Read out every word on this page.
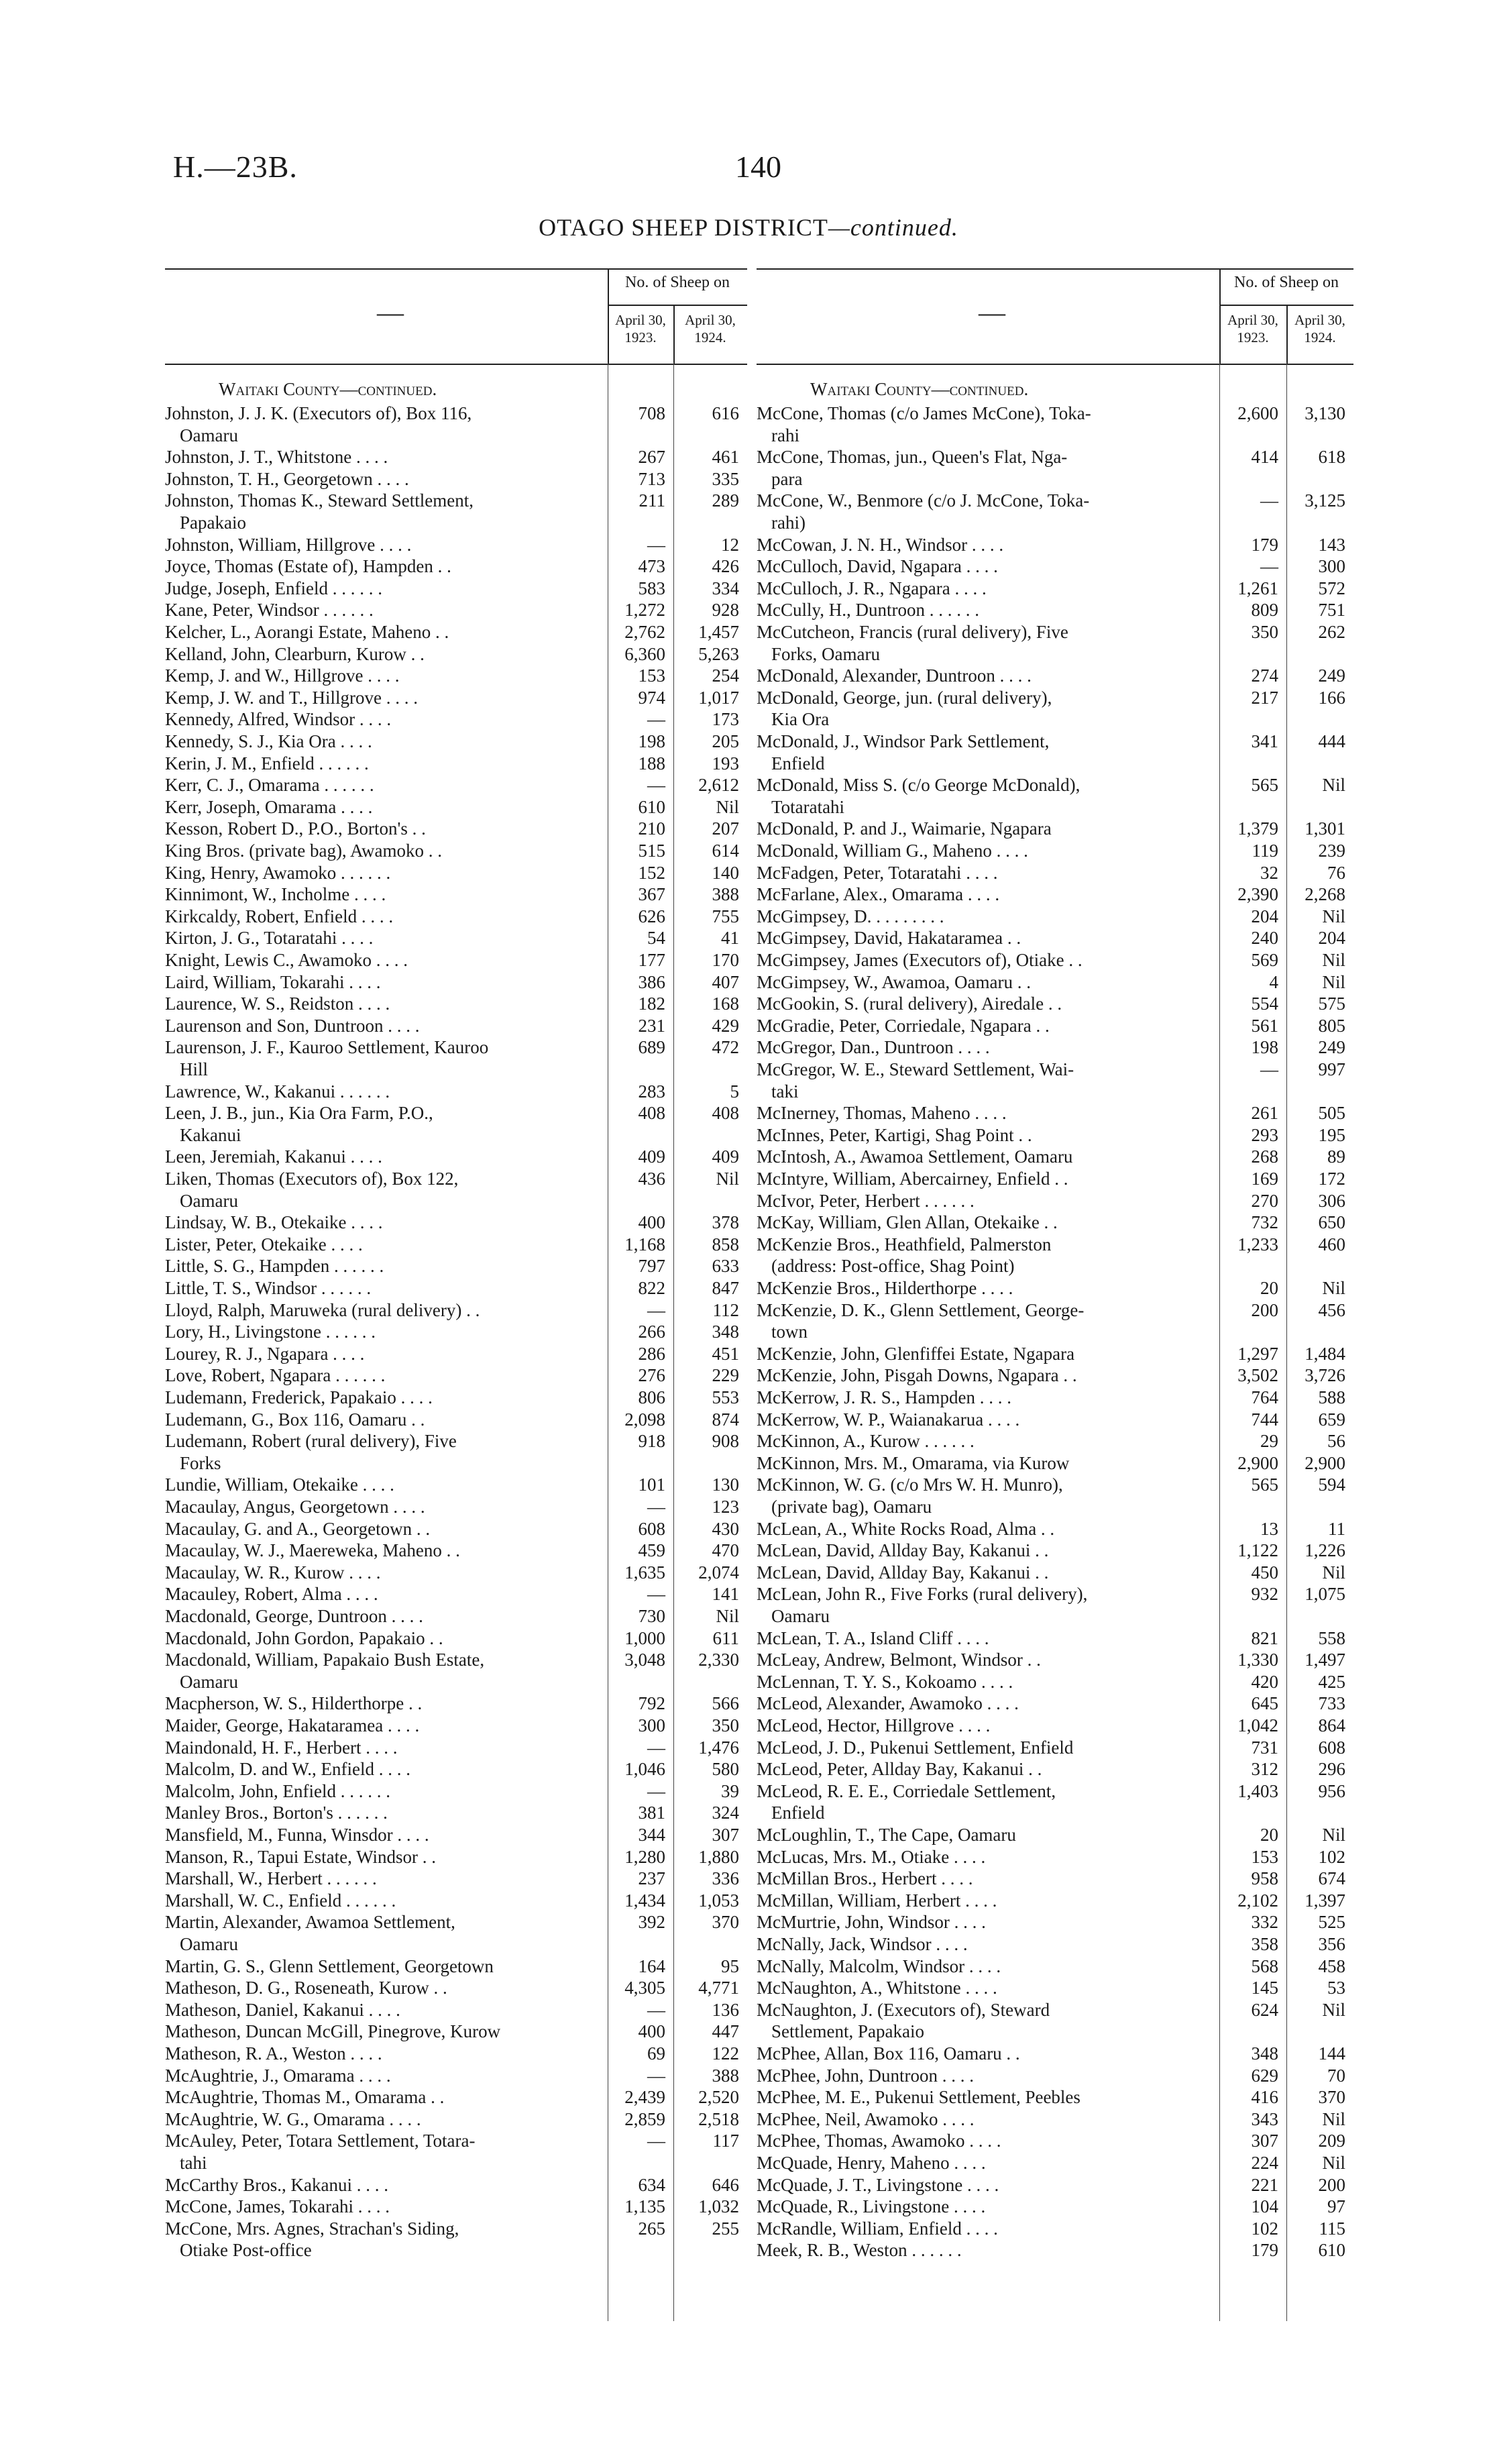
H.—23B.	140
OTAGO SHEEP DISTRICT—continued.
—
No. of Sheep on
April 30,
1923.
April 30,
1924.
Waitaki County—continued.
Johnston, J. J. K. (Executors of), Box 116,
Oamaru
708	616
Johnston, J. T., Whitstone . . . .	267	461
Johnston, T. H., Georgetown . . . .	713	335
Johnston, Thomas K., Steward Settlement,
Papakaio
211	289
Johnston, William, Hillgrove . . . .	—	12
Joyce, Thomas (Estate of), Hampden . .	473	426
Judge, Joseph, Enfield . . . . . .	583	334
Kane, Peter, Windsor . . . . . .	1,272	928
Kelcher, L., Aorangi Estate, Maheno . .	2,762	1,457
Kelland, John, Clearburn, Kurow . .	6,360	5,263
Kemp, J. and W., Hillgrove . . . .	153	254
Kemp, J. W. and T., Hillgrove . . . .	974	1,017
Kennedy, Alfred, Windsor . . . .	—	173
Kennedy, S. J., Kia Ora . . . .	198	205
Kerin, J. M., Enfield . . . . . .	188	193
Kerr, C. J., Omarama . . . . . .	—	2,612
Kerr, Joseph, Omarama . . . .	610	Nil
Kesson, Robert D., P.O., Borton's . .	210	207
King Bros. (private bag), Awamoko . .	515	614
King, Henry, Awamoko . . . . . .	152	140
Kinnimont, W., Incholme . . . .	367	388
Kirkcaldy, Robert, Enfield . . . .	626	755
Kirton, J. G., Totaratahi . . . .	54	41
Knight, Lewis C., Awamoko . . . .	177	170
Laird, William, Tokarahi . . . .	386	407
Laurence, W. S., Reidston . . . .	182	168
Laurenson and Son, Duntroon . . . .	231	429
Laurenson, J. F., Kauroo Settlement, Kauroo
Hill
689	472
Lawrence, W., Kakanui . . . . . .	283	5
Leen, J. B., jun., Kia Ora Farm, P.O.,
Kakanui
408	408
Leen, Jeremiah, Kakanui . . . .	409	409
Liken, Thomas (Executors of), Box 122,
Oamaru
436	Nil
Lindsay, W. B., Otekaike . . . .	400	378
Lister, Peter, Otekaike . . . .	1,168	858
Little, S. G., Hampden . . . . . .	797	633
Little, T. S., Windsor . . . . . .	822	847
Lloyd, Ralph, Maruweka (rural delivery) . .	—	112
Lory, H., Livingstone . . . . . .	266	348
Lourey, R. J., Ngapara . . . .	286	451
Love, Robert, Ngapara . . . . . .	276	229
Ludemann, Frederick, Papakaio . . . .	806	553
Ludemann, G., Box 116, Oamaru . .	2,098	874
Ludemann, Robert (rural delivery), Five
Forks
918	908
Lundie, William, Otekaike . . . .	101	130
Macaulay, Angus, Georgetown . . . .	—	123
Macaulay, G. and A., Georgetown . .	608	430
Macaulay, W. J., Maereweka, Maheno . .	459	470
Macaulay, W. R., Kurow . . . .	1,635	2,074
Macauley, Robert, Alma . . . .	—	141
Macdonald, George, Duntroon . . . .	730	Nil
Macdonald, John Gordon, Papakaio . .	1,000	611
Macdonald, William, Papakaio Bush Estate,
Oamaru
3,048	2,330
Macpherson, W. S., Hilderthorpe . .	792	566
Maider, George, Hakataramea . . . .	300	350
Maindonald, H. F., Herbert . . . .	—	1,476
Malcolm, D. and W., Enfield . . . .	1,046	580
Malcolm, John, Enfield . . . . . .	—	39
Manley Bros., Borton's . . . . . .	381	324
Mansfield, M., Funna, Winsdor . . . .	344	307
Manson, R., Tapui Estate, Windsor . .	1,280	1,880
Marshall, W., Herbert . . . . . .	237	336
Marshall, W. C., Enfield . . . . . .	1,434	1,053
Martin, Alexander, Awamoa Settlement,
Oamaru
392	370
Martin, G. S., Glenn Settlement, Georgetown	164	95
Matheson, D. G., Roseneath, Kurow . .	4,305	4,771
Matheson, Daniel, Kakanui . . . .	—	136
Matheson, Duncan McGill, Pinegrove, Kurow	400	447
Matheson, R. A., Weston . . . .	69	122
McAughtrie, J., Omarama . . . .	—	388
McAughtrie, Thomas M., Omarama . .	2,439	2,520
McAughtrie, W. G., Omarama . . . .	2,859	2,518
McAuley, Peter, Totara Settlement, Totara-
tahi
—	117
McCarthy Bros., Kakanui . . . .	634	646
McCone, James, Tokarahi . . . .	1,135	1,032
McCone, Mrs. Agnes, Strachan's Siding,
Otiake Post-office
265	255
—
No. of Sheep on
April 30,
1923.
April 30,
1924.
Waitaki County—continued.
McCone, Thomas (c/o James McCone), Toka-
rahi
2,600	3,130
McCone, Thomas, jun., Queen's Flat, Nga-
para
414	618
McCone, W., Benmore (c/o J. McCone, Toka-
rahi)
—	3,125
McCowan, J. N. H., Windsor . . . .	179	143
McCulloch, David, Ngapara . . . .	—	300
McCulloch, J. R., Ngapara . . . .	1,261	572
McCully, H., Duntroon . . . . . .	809	751
McCutcheon, Francis (rural delivery), Five
Forks, Oamaru
350	262
McDonald, Alexander, Duntroon . . . .	274	249
McDonald, George, jun. (rural delivery),
Kia Ora
217	166
McDonald, J., Windsor Park Settlement,
Enfield
341	444
McDonald, Miss S. (c/o George McDonald),
Totaratahi
565	Nil
McDonald, P. and J., Waimarie, Ngapara	1,379	1,301
McDonald, William G., Maheno . . . .	119	239
McFadgen, Peter, Totaratahi . . . .	32	76
McFarlane, Alex., Omarama . . . .	2,390	2,268
McGimpsey, D. . . . . . . . .	204	Nil
McGimpsey, David, Hakataramea . .	240	204
McGimpsey, James (Executors of), Otiake . .	569	Nil
McGimpsey, W., Awamoa, Oamaru . .	4	Nil
McGookin, S. (rural delivery), Airedale . .	554	575
McGradie, Peter, Corriedale, Ngapara . .	561	805
McGregor, Dan., Duntroon . . . .	198	249
McGregor, W. E., Steward Settlement, Wai-
taki
—	997
McInerney, Thomas, Maheno . . . .	261	505
McInnes, Peter, Kartigi, Shag Point . .	293	195
McIntosh, A., Awamoa Settlement, Oamaru	268	89
McIntyre, William, Abercairney, Enfield . .	169	172
McIvor, Peter, Herbert . . . . . .	270	306
McKay, William, Glen Allan, Otekaike . .	732	650
McKenzie Bros., Heathfield, Palmerston
(address: Post-office, Shag Point)
1,233	460
McKenzie Bros., Hilderthorpe . . . .	20	Nil
McKenzie, D. K., Glenn Settlement, George-
town
200	456
McKenzie, John, Glenfiffei Estate, Ngapara	1,297	1,484
McKenzie, John, Pisgah Downs, Ngapara . .	3,502	3,726
McKerrow, J. R. S., Hampden . . . .	764	588
McKerrow, W. P., Waianakarua . . . .	744	659
McKinnon, A., Kurow . . . . . .	29	56
McKinnon, Mrs. M., Omarama, via Kurow	2,900	2,900
McKinnon, W. G. (c/o Mrs W. H. Munro),
(private bag), Oamaru
565	594
McLean, A., White Rocks Road, Alma . .	13	11
McLean, David, Allday Bay, Kakanui . .	1,122	1,226
McLean, David, Allday Bay, Kakanui . .	450	Nil
McLean, John R., Five Forks (rural delivery),
Oamaru
932	1,075
McLean, T. A., Island Cliff . . . .	821	558
McLeay, Andrew, Belmont, Windsor . .	1,330	1,497
McLennan, T. Y. S., Kokoamo . . . .	420	425
McLeod, Alexander, Awamoko . . . .	645	733
McLeod, Hector, Hillgrove . . . .	1,042	864
McLeod, J. D., Pukenui Settlement, Enfield	731	608
McLeod, Peter, Allday Bay, Kakanui . .	312	296
McLeod, R. E. E., Corriedale Settlement,
Enfield
1,403	956
McLoughlin, T., The Cape, Oamaru	20	Nil
McLucas, Mrs. M., Otiake . . . .	153	102
McMillan Bros., Herbert . . . .	958	674
McMillan, William, Herbert . . . .	2,102	1,397
McMurtrie, John, Windsor . . . .	332	525
McNally, Jack, Windsor . . . .	358	356
McNally, Malcolm, Windsor . . . .	568	458
McNaughton, A., Whitstone . . . .	145	53
McNaughton, J. (Executors of), Steward
Settlement, Papakaio
624	Nil
McPhee, Allan, Box 116, Oamaru . .	348	144
McPhee, John, Duntroon . . . .	629	70
McPhee, M. E., Pukenui Settlement, Peebles	416	370
McPhee, Neil, Awamoko . . . .	343	Nil
McPhee, Thomas, Awamoko . . . .	307	209
McQuade, Henry, Maheno . . . .	224	Nil
McQuade, J. T., Livingstone . . . .	221	200
McQuade, R., Livingstone . . . .	104	97
McRandle, William, Enfield . . . .	102	115
Meek, R. B., Weston . . . . . .	179	610
